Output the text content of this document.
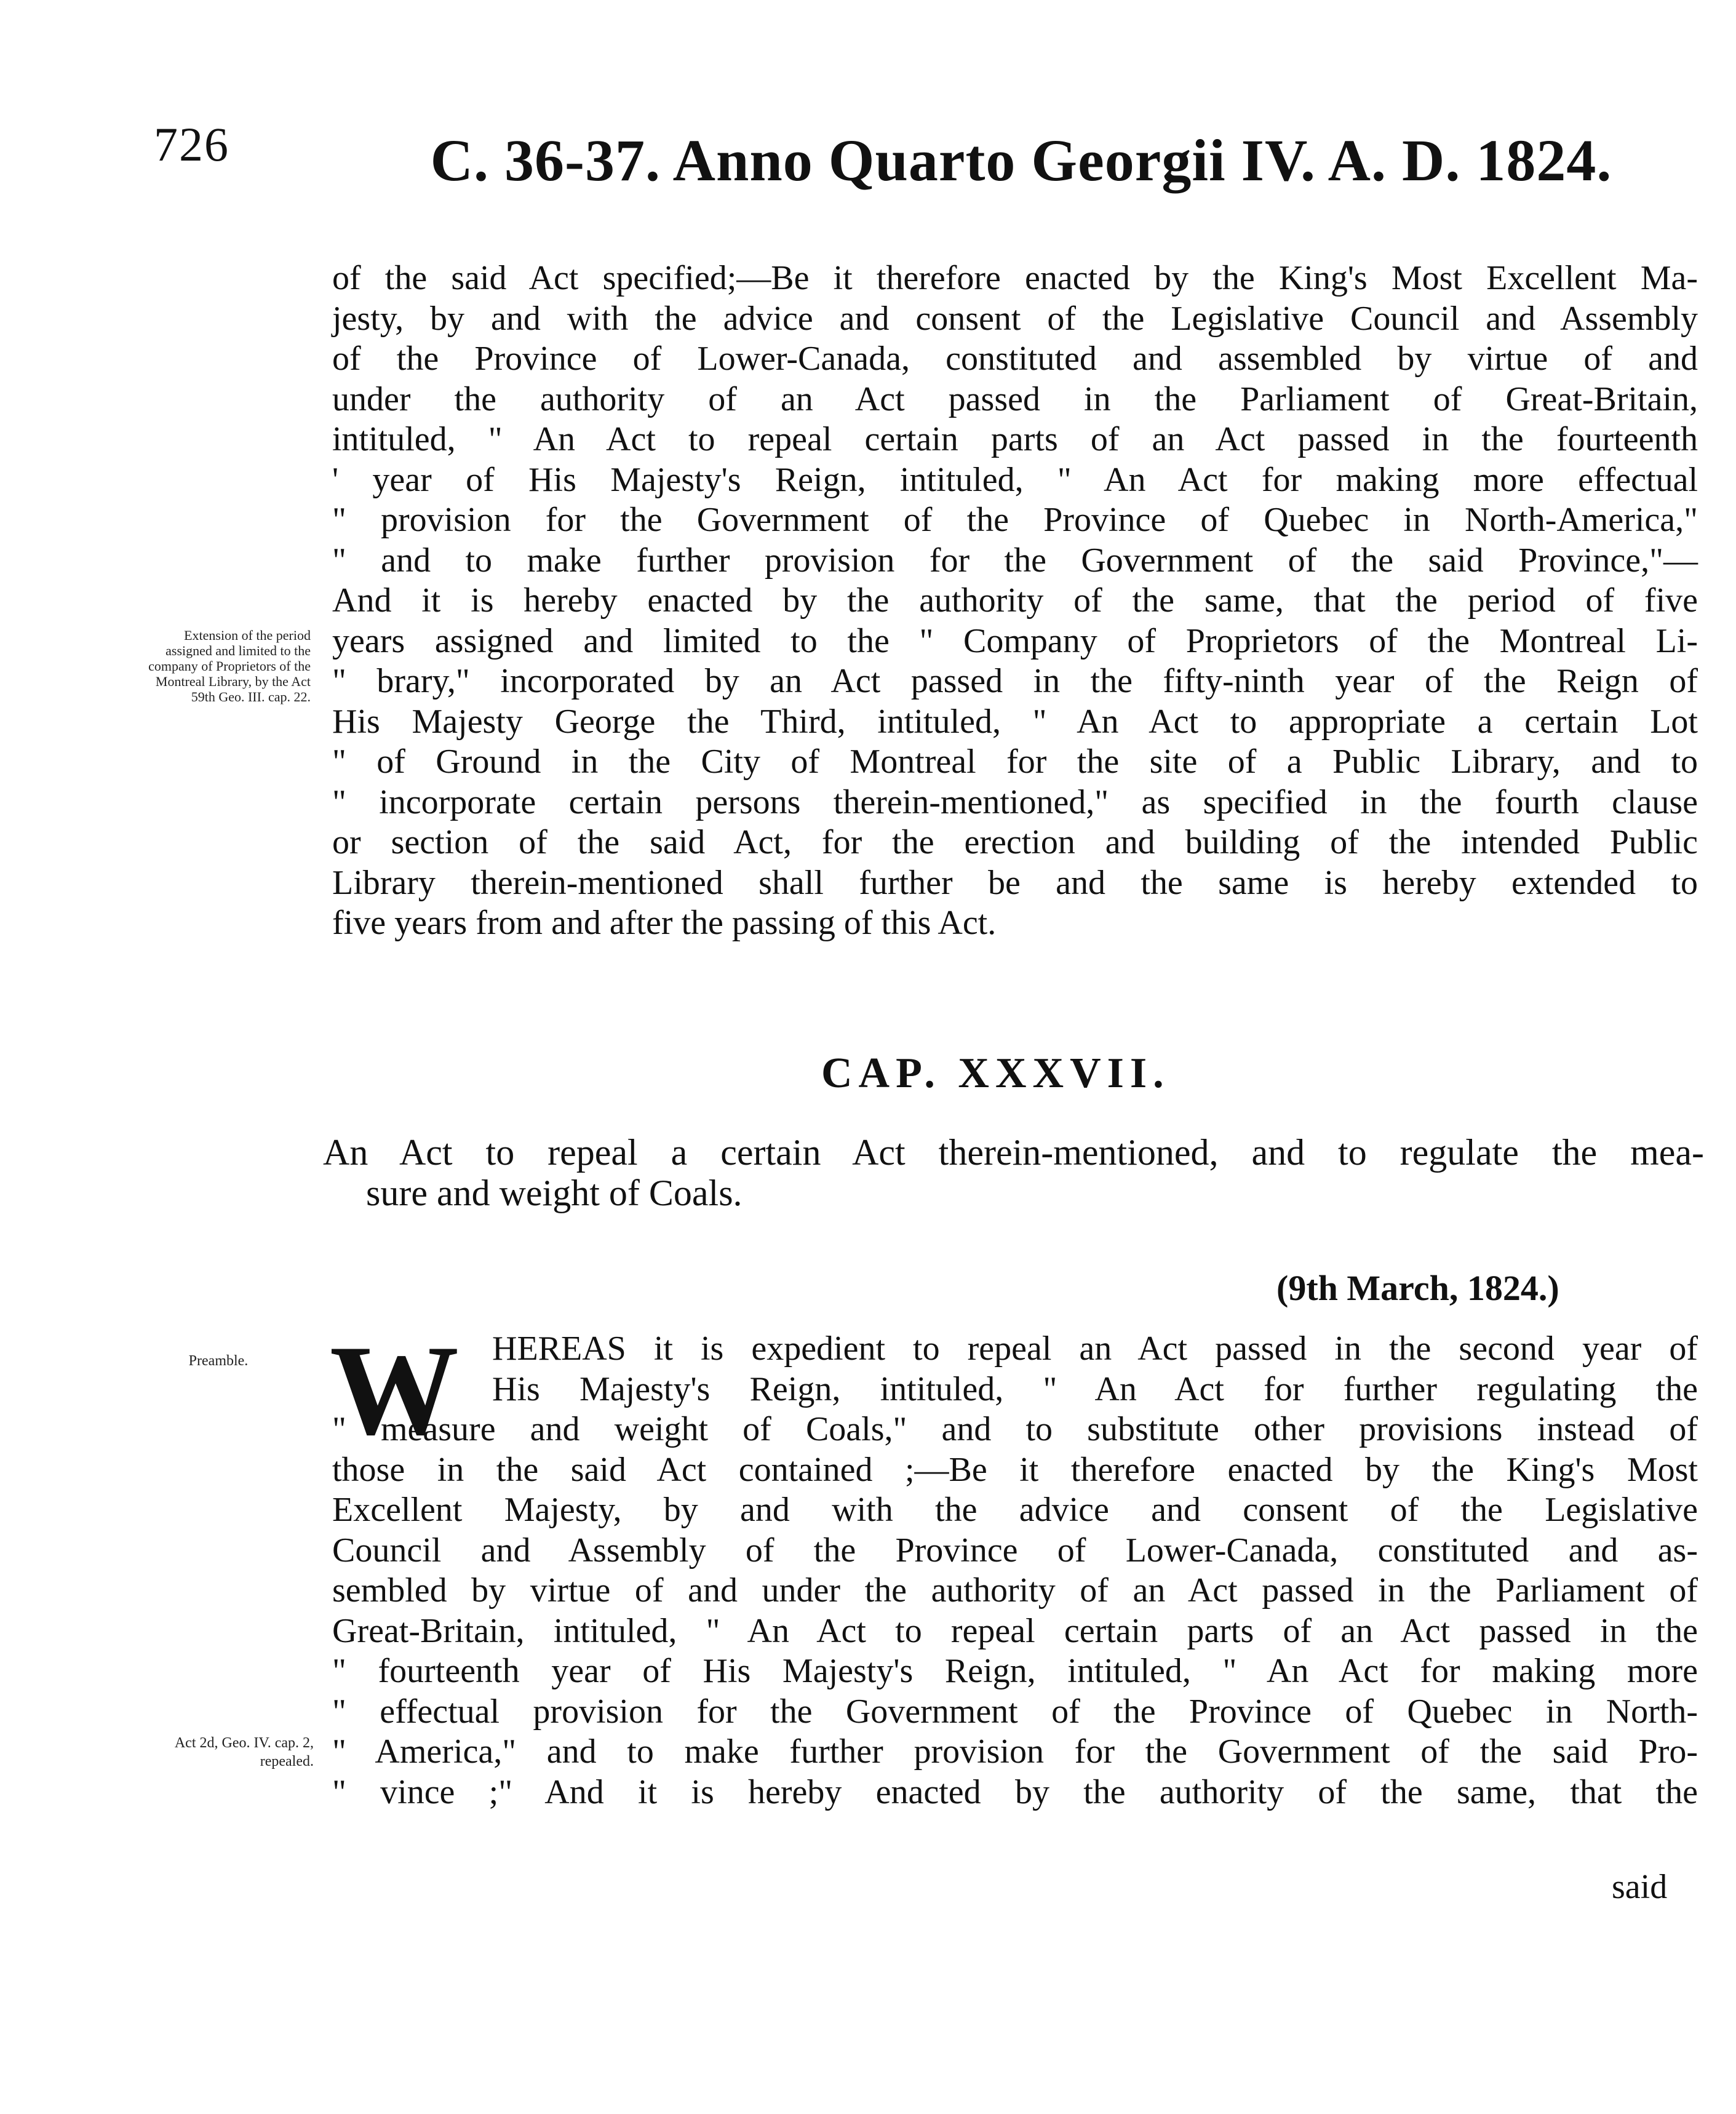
726	C. 36-37. Anno Quarto Georgii IV. A. D. 1824.
of the said Act specified;—Be it therefore enacted by the King's Most Excellent Ma-
jesty, by and with the advice and consent of the Legislative Council and Assembly
of the Province of Lower-Canada, constituted and assembled by virtue of and
under the authority of an Act passed in the Parliament of Great-Britain,
intituled, " An Act to repeal certain parts of an Act passed in the fourteenth
' year of His Majesty's Reign, intituled, " An Act for making more effectual
" provision for the Government of the Province of Quebec in North-America,"
" and to make further provision for the Government of the said Province,"—
And it is hereby enacted by the authority of the same, that the period of five
years assigned and limited to the " Company of Proprietors of the Montreal Li-
" brary," incorporated by an Act passed in the fifty-ninth year of the Reign of
His Majesty George the Third, intituled, " An Act to appropriate a certain Lot
" of Ground in the City of Montreal for the site of a Public Library, and to
" incorporate certain persons therein-mentioned," as specified in the fourth clause
or section of the said Act, for the erection and building of the intended Public
Library therein-mentioned shall further be and the same is hereby extended to
five years from and after the passing of this Act.
Extension of the period assigned and limited to the company of Proprietors of the Montreal Library, by the Act 59th Geo. III. cap. 22.
CAP. XXXVII.
An Act to repeal a certain Act therein-mentioned, and to regulate the mea-
sure and weight of Coals.
(9th March, 1824.)
Preamble. W HEREAS it is expedient to repeal an Act passed in the second year of
His Majesty's Reign, intituled, " An Act for further regulating the
" measure and weight of Coals," and to substitute other provisions instead of
those in the said Act contained ;—Be it therefore enacted by the King's Most
Excellent Majesty, by and with the advice and consent of the Legislative
Council and Assembly of the Province of Lower-Canada, constituted and as-
sembled by virtue of and under the authority of an Act passed in the Parliament of
Great-Britain, intituled, " An Act to repeal certain parts of an Act passed in the
" fourteenth year of His Majesty's Reign, intituled, " An Act for making more
" effectual provision for the Government of the Province of Quebec in North-
" America," and to make further provision for the Government of the said Pro-
" vince ;" And it is hereby enacted by the authority of the same, that the
Act 2d, Geo. IV. cap. 2, repealed.
said
